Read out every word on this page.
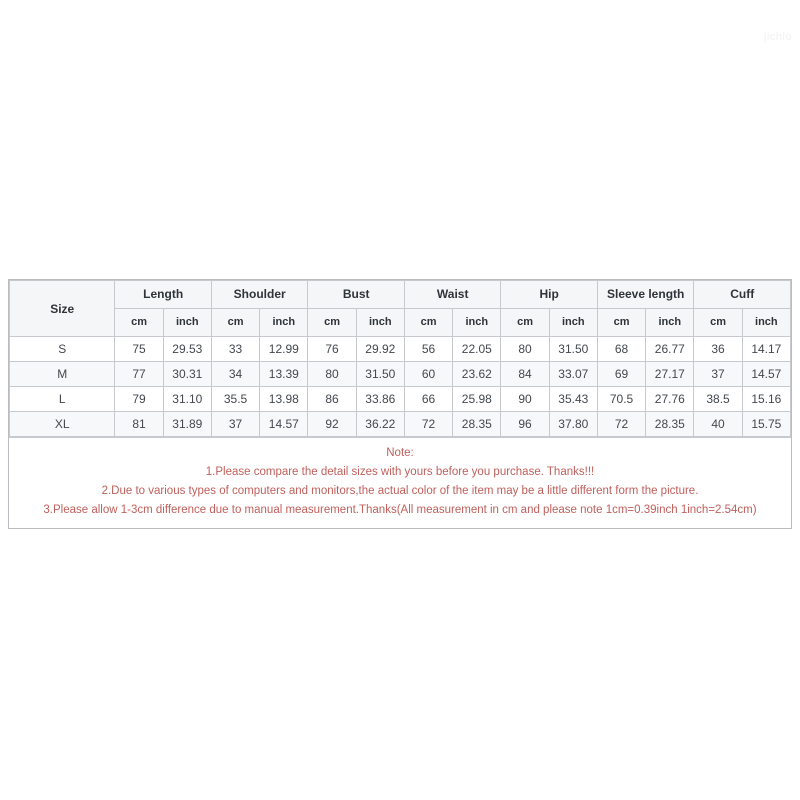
jichio
Size	Length		Shoulder		Bust		Waist		Hip		Sleeve length		Cuff	
	cm	inch	cm	inch	cm	inch	cm	inch	cm	inch	cm	inch	cm	inch
S	75	29.53	33	12.99	76	29.92	56	22.05	80	31.50	68	26.77	36	14.17
M	77	30.31	34	13.39	80	31.50	60	23.62	84	33.07	69	27.17	37	14.57
L	79	31.10	35.5	13.98	86	33.86	66	25.98	90	35.43	70.5	27.76	38.5	15.16
XL	81	31.89	37	14.57	92	36.22	72	28.35	96	37.80	72	28.35	40	15.75
Note:
1.Please compare the detail sizes with yours before you purchase. Thanks!!!
2.Due to various types of computers and monitors,the actual color of the item may be a little different form the picture.
3.Please allow 1-3cm difference due to manual measurement.Thanks(All measurement in cm and please note 1cm=0.39inch 1inch=2.54cm)
